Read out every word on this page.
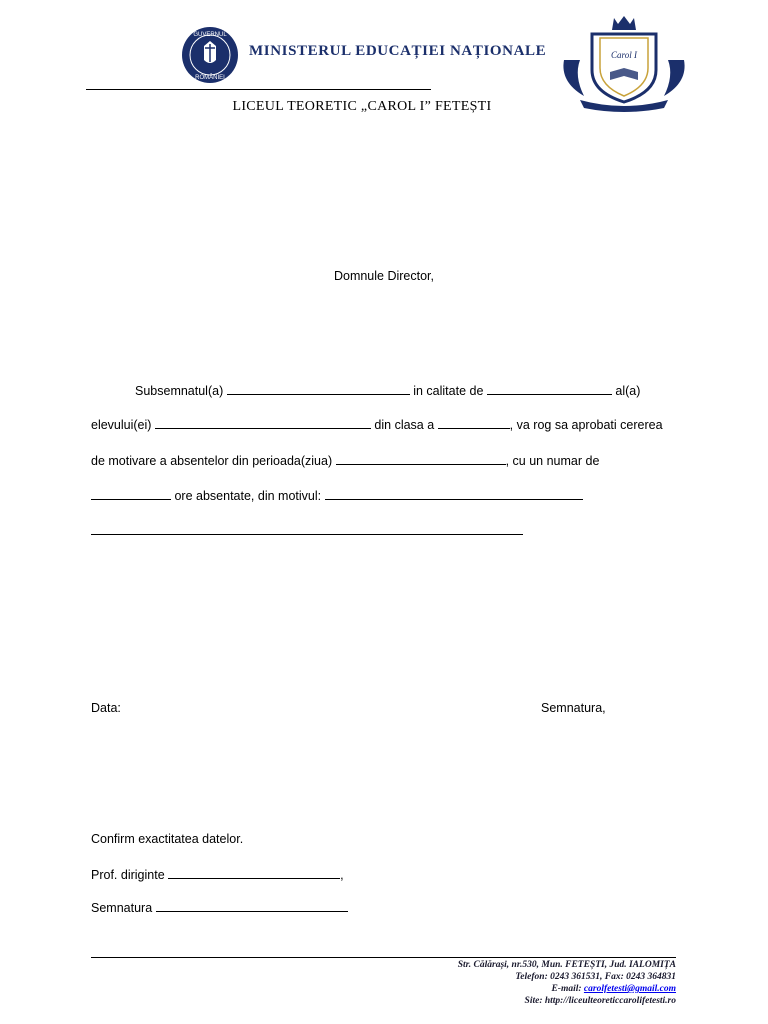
GUVERNUL
ROMÂNIEI
MINISTERUL EDUCAȚIEI NAȚIONALE
LICEUL TEORETIC „CAROL I” FETEȘTI
Carol I
Domnule Director,
Subsemnatul(a)	in calitate de	al(a)
elevului(ei)	din clasa a	, va rog sa aprobati cererea
de motivare a absentelor din perioada(ziua)	, cu un numar de
ore absentate, din motivul:
Data:	Semnatura,
Confirm exactitatea datelor.
Prof. diriginte	,
Semnatura
Str. Călărași, nr.530, Mun. FETEȘTI, Jud. IALOMIȚA
Telefon: 0243 361531, Fax: 0243 364831
E-mail: carolfetesti@gmail.com
Site: http://liceulteoreticcarolifetesti.ro
